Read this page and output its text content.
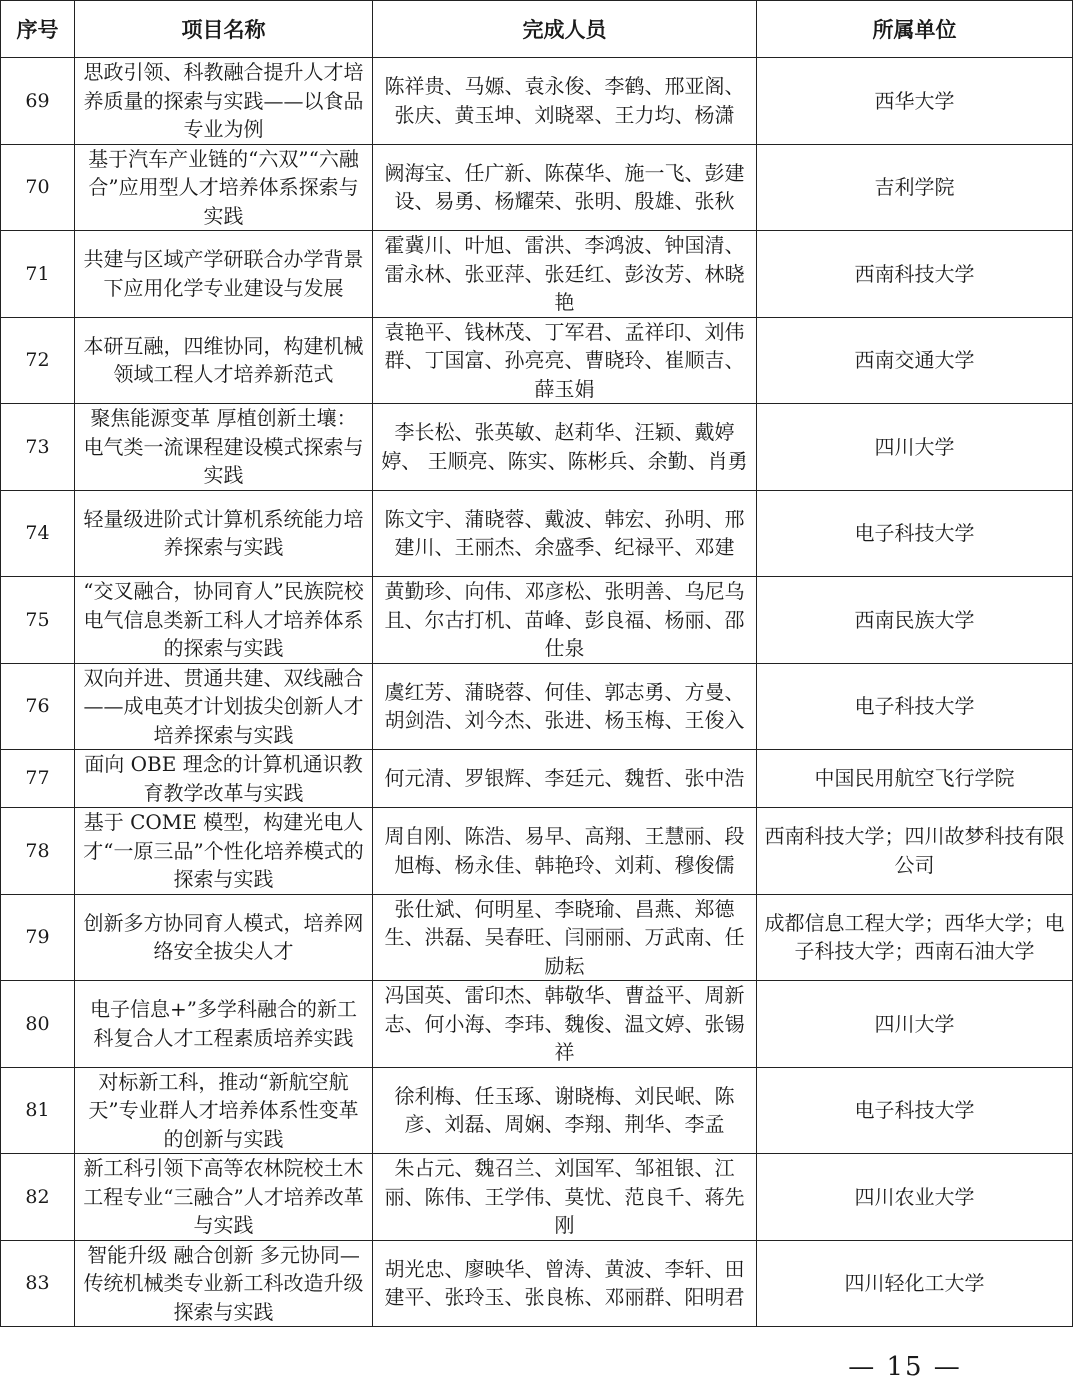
序号	项目名称	完成人员	所属单位
69	思政引领、科教融合提升人才培养质量的探索与实践——以食品专业为例	陈祥贵、马嫄、袁永俊、李鹤、邢亚阁、张庆、黄玉坤、刘晓翠、王力均、杨潇	西华大学
70	基于汽车产业链的“六双”“六融合”应用型人才培养体系探索与实践	阙海宝、任广新、陈葆华、施一飞、彭建设、易勇、杨耀荣、张明、殷雄、张秋	吉利学院
71	共建与区域产学研联合办学背景下应用化学专业建设与发展	霍冀川、叶旭、雷洪、李鸿波、钟国清、雷永林、张亚萍、张廷红、彭汝芳、林晓艳	西南科技大学
72	本研互融，四维协同，构建机械领域工程人才培养新范式	袁艳平、钱林茂、丁军君、孟祥印、刘伟群、丁国富、孙亮亮、曹晓玲、崔顺吉、薛玉娟	西南交通大学
73	聚焦能源变革 厚植创新土壤：电气类一流课程建设模式探索与实践	李长松、张英敏、赵莉华、汪颖、戴婷婷、 王顺亮、陈实、陈彬兵、余勤、肖勇	四川大学
74	轻量级进阶式计算机系统能力培养探索与实践	陈文宇、蒲晓蓉、戴波、韩宏、孙明、邢建川、王丽杰、余盛季、纪禄平、邓建	电子科技大学
75	“交叉融合，协同育人”民族院校电气信息类新工科人才培养体系的探索与实践	黄勤珍、向伟、邓彦松、张明善、乌尼乌且、尔古打机、苗峰、彭良福、杨丽、邵仕泉	西南民族大学
76	双向并进、贯通共建、双线融合——成电英才计划拔尖创新人才培养探索与实践	虞红芳、蒲晓蓉、何佳、郭志勇、方曼、胡剑浩、刘今杰、张进、杨玉梅、王俊入	电子科技大学
77	面向 OBE 理念的计算机通识教育教学改革与实践	何元清、罗银辉、李廷元、魏哲、张中浩	中国民用航空飞行学院
78	基于 COME 模型，构建光电人才“一原三品”个性化培养模式的探索与实践	周自刚、陈浩、易早、高翔、王慧丽、段旭梅、杨永佳、韩艳玲、刘莉、穆俊儒	西南科技大学；四川故梦科技有限公司
79	创新多方协同育人模式，培养网络安全拔尖人才	张仕斌、何明星、李晓瑜、昌燕、郑德生、洪磊、吴春旺、闫丽丽、万武南、任励耘	成都信息工程大学；西华大学；电子科技大学；西南石油大学
80	电子信息+”多学科融合的新工科复合人才工程素质培养实践	冯国英、雷印杰、韩敬华、曹益平、周新志、何小海、李玮、魏俊、温文婷、张锡祥	四川大学
81	对标新工科，推动“新航空航天”专业群人才培养体系性变革的创新与实践	徐利梅、任玉琢、谢晓梅、刘民岷、陈彦、刘磊、周娴、李翔、荆华、李孟	电子科技大学
82	新工科引领下高等农林院校土木工程专业“三融合”人才培养改革与实践	朱占元、魏召兰、刘国军、邹祖银、江丽、陈伟、王学伟、莫忧、范良千、蒋先刚	四川农业大学
83	智能升级 融合创新 多元协同—传统机械类专业新工科改造升级探索与实践	胡光忠、廖映华、曾涛、黄波、李轩、田建平、张玲玉、张良栋、邓丽群、阳明君	四川轻化工大学
— 15 —
